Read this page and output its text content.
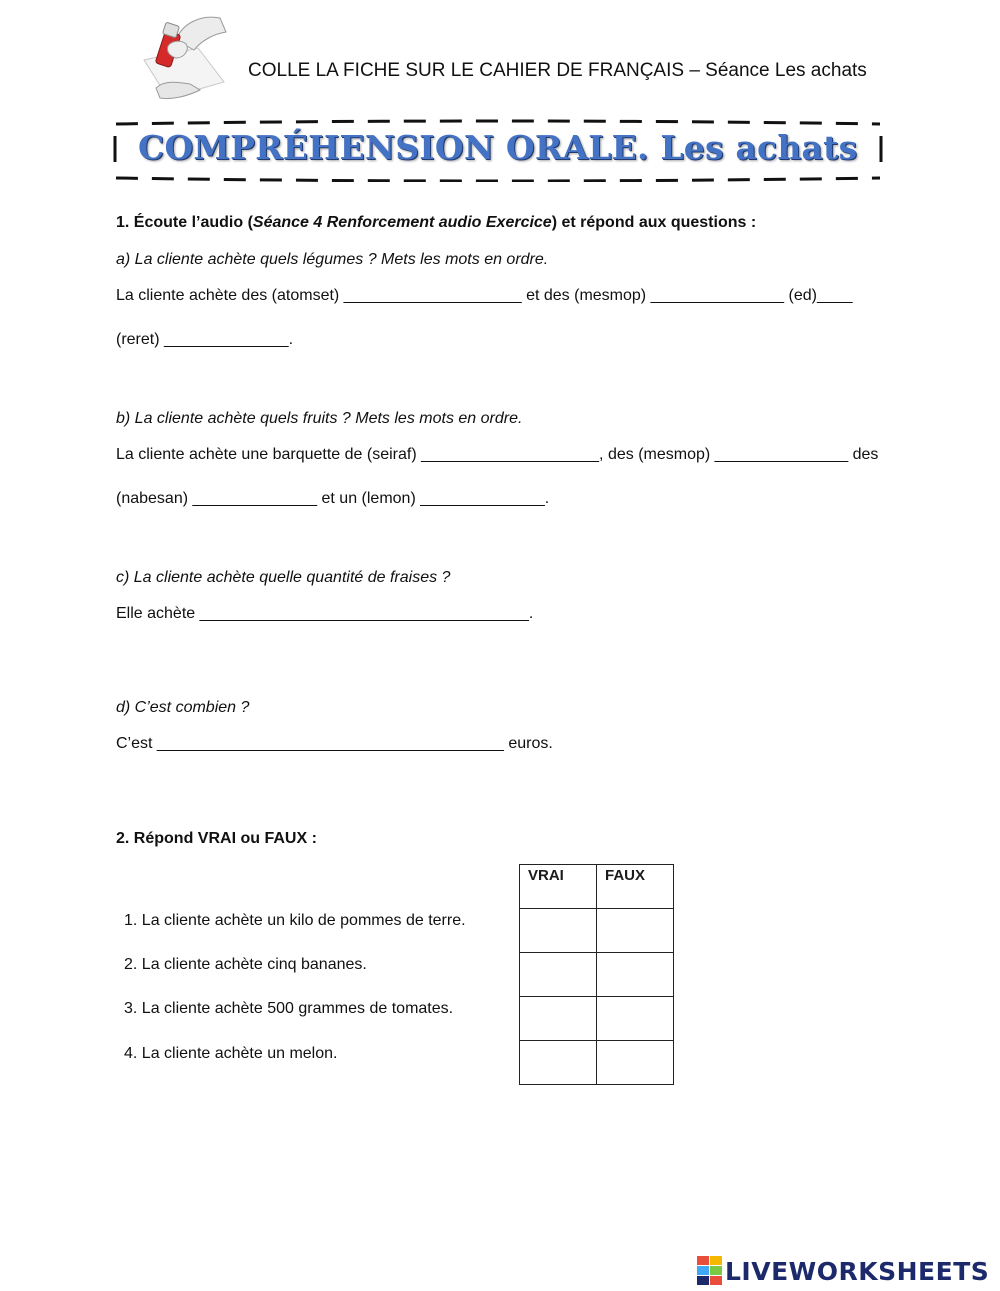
COLLE LA FICHE SUR LE CAHIER DE FRANÇAIS – Séance Les achats
COMPRÉHENSION ORALE. Les achats
1. Écoute l’audio (Séance 4 Renforcement audio Exercice) et répond aux questions :
a) La cliente achète quels légumes ? Mets les mots en ordre.
La cliente achète des (atomset) ____________________ et des (mesmop) _______________ (ed)____
(reret) ______________.
b) La cliente achète quels fruits ? Mets les mots en ordre.
La cliente achète une barquette de (seiraf) ____________________, des (mesmop) _______________ des
(nabesan) ______________ et un (lemon) ______________.
c) La cliente achète quelle quantité de fraises ?
Elle achète _____________________________________.
d) C’est combien ?
C’est _______________________________________ euros.
2. Répond VRAI ou FAUX :
1. La cliente achète un kilo de pommes de terre.
2. La cliente achète cinq bananes.
3. La cliente achète 500 grammes de tomates.
4. La cliente achète un melon.
VRAI	FAUX

LIVEWORKSHEETS
